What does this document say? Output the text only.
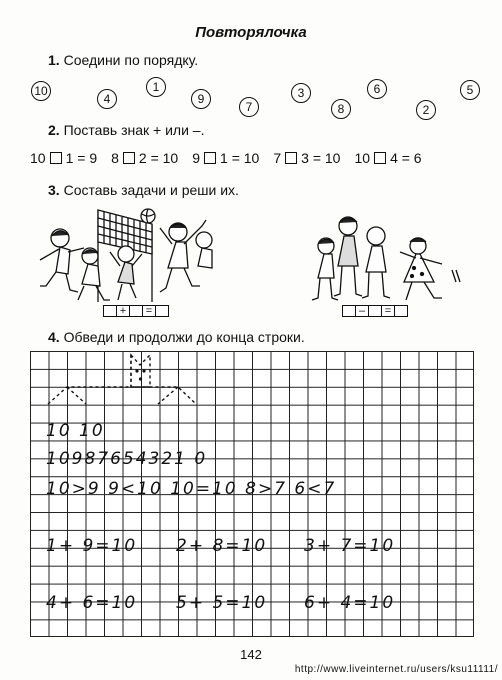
Повторялочка
1. Соедини по порядку.
10
4
1
9
7
3
8
6
2
5
2. Поставь знак + или –.
10 1 = 9 8 2 = 10 9 1 = 10 7 3 = 10 10 4 = 6
3. Составь задачи и реши их.
+	=	–	=
4. Обведи и продолжи до конца строки.
10 10
10987654321 0
10>9 9<10 10=10 8>7 6<7
1+ 9=10 2+ 8=10 3+ 7=10
4+ 6=10 5+ 5=10 6+ 4=10
142
http://www.liveinternet.ru/users/ksu11111/
